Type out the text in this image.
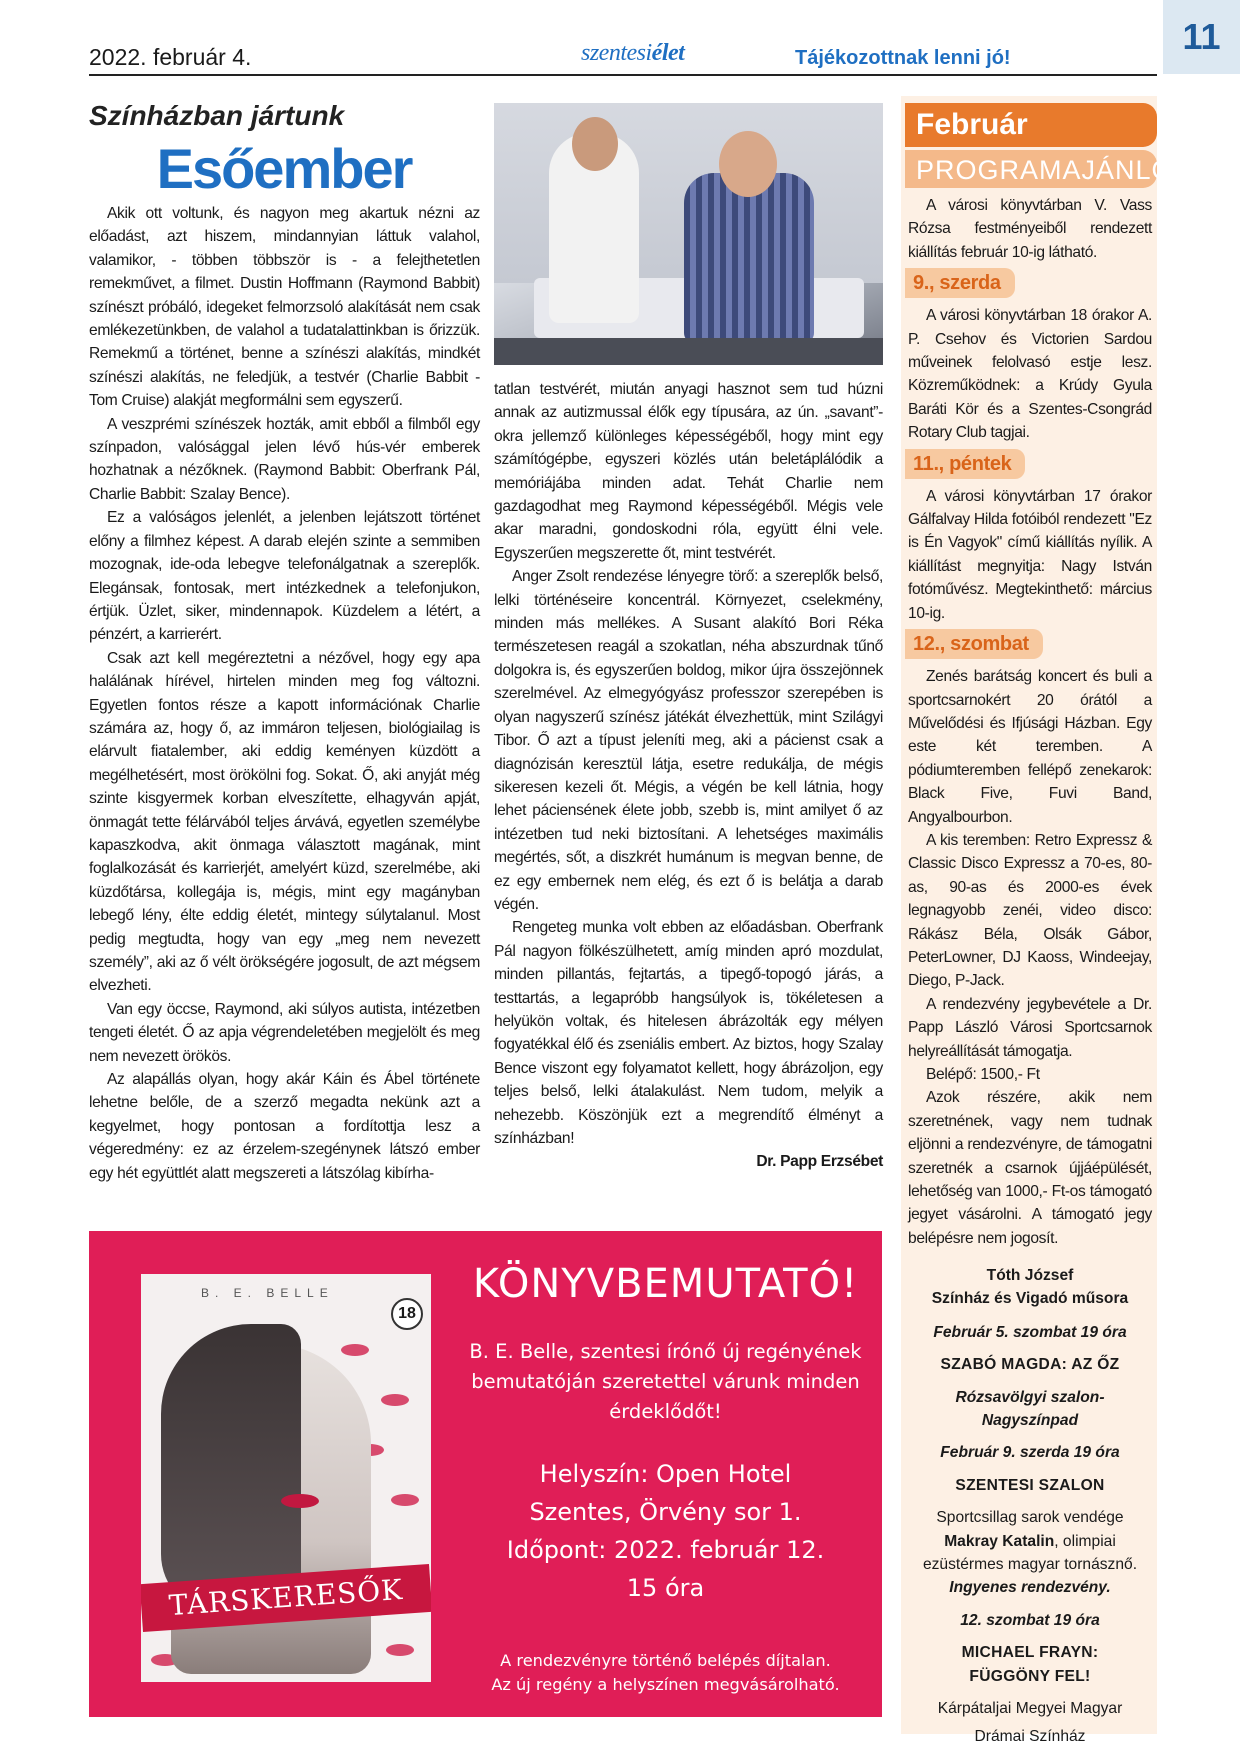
2022. február 4.	szentesiélet	Tájékozottnak lenni jó!
11
Színházban jártunk
Esőember

Akik ott voltunk, és nagyon meg akartuk nézni az előadást, azt hiszem, mindannyian láttuk valahol, valamikor, - többen többször is - a felejthetetlen remekművet, a filmet. Dustin Hoffmann (Raymond Babbit) színészt próbáló, idegeket felmorzsoló alakítását nem csak emlékezetünkben, de valahol a tudatalattinkban is őrizzük. Remekmű a történet, benne a színészi alakítás, mindkét színészi alakítás, ne feledjük, a testvér (Charlie Babbit - Tom Cruise) alakját megformálni sem egyszerű.

A veszprémi színészek hozták, amit ebből a filmből egy színpadon, valósággal jelen lévő hús-vér emberek hozhatnak a nézőknek. (Raymond Babbit: Oberfrank Pál, Charlie Babbit: Szalay Bence).

Ez a valóságos jelenlét, a jelenben lejátszott történet előny a filmhez képest. A darab elején szinte a semmiben mozognak, ide-oda lebegve telefonálgatnak a szereplők. Elegánsak, fontosak, mert intézkednek a telefonjukon, értjük. Üzlet, siker, mindennapok. Küzdelem a létért, a pénzért, a karrierért.

Csak azt kell megéreztetni a nézővel, hogy egy apa halálának hírével, hirtelen minden meg fog változni. Egyetlen fontos része a kapott információnak Charlie számára az, hogy ő, az immáron teljesen, biológiailag is elárvult fiatalember, aki eddig keményen küzdött a megélhetésért, most örökölni fog. Sokat. Ő, aki anyját még szinte kisgyermek korban elveszítette, elhagyván apját, önmagát tette félárvából teljes árvává, egyetlen személybe kapaszkodva, akit önmaga választott magának, mint foglalkozását és karrierjét, amelyért küzd, szerelmébe, aki küzdőtársa, kollegája is, mégis, mint egy magányban lebegő lény, élte eddig életét, mintegy súlytalanul. Most pedig megtudta, hogy van egy „meg nem nevezett személy”, aki az ő vélt örökségére jogosult, de azt mégsem elvezheti.

Van egy öccse, Raymond, aki súlyos autista, intézetben tengeti életét. Ő az apja végrendeletében megjelölt és meg nem nevezett örökös.

Az alapállás olyan, hogy akár Káin és Ábel története lehetne belőle, de a szerző megadta nekünk azt a kegyelmet, hogy pontosan a fordítottja lesz a végeredmény: ez az érzelem-szegénynek látszó ember egy hét együttlét alatt megszereti a látszólag kibírha-

tatlan testvérét, miután anyagi hasznot sem tud húzni annak az autizmussal élők egy típusára, az ún. „savant”-okra jellemző különleges képességéből, hogy mint egy számítógépbe, egyszeri közlés után beletáplálódik a memóriájába minden adat. Tehát Charlie nem gazdagodhat meg Raymond képességéből. Mégis vele akar maradni, gondoskodni róla, együtt élni vele. Egyszerűen megszerette őt, mint testvérét.

Anger Zsolt rendezése lényegre törő: a szereplők belső, lelki történéseire koncentrál. Környezet, cselekmény, minden más mellékes. A Susant alakító Bori Réka természetesen reagál a szokatlan, néha abszurdnak tűnő dolgokra is, és egyszerűen boldog, mikor újra összejönnek szerelmével. Az elmegyógyász professzor szerepében is olyan nagyszerű színész játékát élvezhettük, mint Szilágyi Tibor. Ő azt a típust jeleníti meg, aki a pácienst csak a diagnózisán keresztül látja, esetre redukálja, de mégis sikeresen kezeli őt. Mégis, a végén be kell látnia, hogy lehet páciensének élete jobb, szebb is, mint amilyet ő az intézetben tud neki biztosítani. A lehetséges maximális megértés, sőt, a diszkrét humánum is megvan benne, de ez egy embernek nem elég, és ezt ő is belátja a darab végén.

Rengeteg munka volt ebben az előadásban. Oberfrank Pál nagyon fölkészülhetett, amíg minden apró mozdulat, minden pillantás, fejtartás, a tipegő-topogó járás, a testtartás, a legapróbb hangsúlyok is, tökéletesen a helyükön voltak, és hitelesen ábrázolták egy mélyen fogyatékkal élő és zseniális embert. Az biztos, hogy Szalay Bence viszont egy folyamatot kellett, hogy ábrázoljon, egy teljes belső, lelki átalakulást. Nem tudom, melyik a nehezebb. Köszönjük ezt a megrendítő élményt a színházban!

Dr. Papp Erzsébet

Február
PROGRAMAJÁNLÓ

A városi könyvtárban V. Vass Rózsa festményeiből rendezett kiállítás február 10-ig látható.

9., szerda

A városi könyvtárban 18 órakor A. P. Csehov és Victorien Sardou műveinek felolvasó estje lesz. Közreműködnek: a Krúdy Gyula Baráti Kör és a Szentes-Csongrád Rotary Club tagjai.

11., péntek

A városi könyvtárban 17 órakor Gálfalvay Hilda fotóiból rendezett "Ez is Én Vagyok" című kiállítás nyílik. A kiállítást megnyitja: Nagy István fotóművész. Megtekinthető: március 10-ig.

12., szombat

Zenés barátság koncert és buli a sportcsarnokért 20 órától a Művelődési és Ifjúsági Házban. Egy este két teremben. A pódiumteremben fellépő zenekarok: Black Five, Fuvi Band, Angyalbourbon.

A kis teremben: Retro Expressz & Classic Disco Expressz a 70-es, 80-as, 90-as és 2000-es évek legnagyobb zenéi, video disco: Rákász Béla, Olsák Gábor, PeterLowner, DJ Kaoss, Windeejay, Diego, P-Jack.

A rendezvény jegybevétele a Dr. Papp László Városi Sportcsarnok helyreállítását támogatja.

Belépő: 1500,- Ft

Azok részére, akik nem szeretnének, vagy nem tudnak eljönni a rendezvényre, de támogatni szeretnék a csarnok újjáépülését, lehetőség van 1000,- Ft-os támogató jegyet vásárolni. A támogató jegy belépésre nem jogosít.

Tóth József
Színház és Vigadó műsora
Február 5. szombat 19 óra
SZABÓ MAGDA: AZ ŐZ
Rózsavölgyi szalon-Nagyszínpad
Február 9. szerda 19 óra
SZENTESI SZALON
Sportcsillag sarok vendége Makray Katalin, olimpiai ezüstérmes magyar tornásznő.
Ingyenes rendezvény.
12. szombat 19 óra
MICHAEL FRAYN:
FÜGGÖNY FEL!
Kárpátaljai Megyei Magyar
Drámai Színház
B. E. BELLE
18
TÁRSKERESŐK
KÖNYVBEMUTATÓ!
B. E. Belle, szentesi írónő új regényének bemutatóján szeretettel várunk minden érdeklődőt!
Helyszín: Open Hotel
Szentes, Örvény sor 1.
Időpont: 2022. február 12.
15 óra
A rendezvényre történő belépés díjtalan.
Az új regény a helyszínen megvásárolható.
